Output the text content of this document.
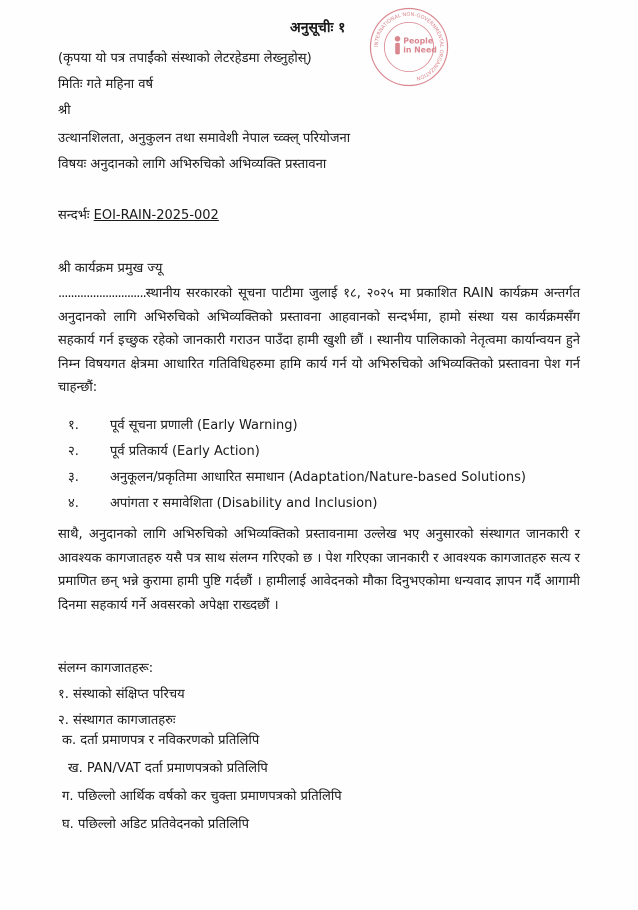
अनुसूचीः १
INTERNATIONAL NON-GOVERNMENTAL ORGANIZATION
People
in Need
(कृपया यो पत्र तपाईंको संस्थाको लेटरहेडमा लेख्नुहोस्)
मितिः गते महिना वर्ष
श्री
उत्थानशिलता, अनुकुलन तथा समावेशी नेपाल च्व्क्ल् परियोजना
विषयः अनुदानको लागि अभिरुचिको अभिव्यक्ति प्रस्तावना
सन्दर्भः EOI-RAIN-2025-002
श्री कार्यक्रम प्रमुख ज्यू
............................स्थानीय सरकारको सूचना पाटीमा जुलाई १८, २०२५ मा प्रकाशित RAIN कार्यक्रम अन्तर्गत अनुदानको लागि अभिरुचिको अभिव्यक्तिको प्रस्तावना आहवानको सन्दर्भमा, हामो संस्था यस कार्यक्रमसँग सहकार्य गर्न इच्छुक रहेको जानकारी गराउन पाउँदा हामी खुशी छौं । स्थानीय पालिकाको नेतृत्वमा कार्यान्वयन हुने निम्न विषयगत क्षेत्रमा आधारित गतिविधिहरुमा हामि कार्य गर्न यो अभिरुचिको अभिव्यक्तिको प्रस्तावना पेश गर्न चाहन्छौं:
१.	पूर्व सूचना प्रणाली (Early Warning)
२.	पूर्व प्रतिकार्य (Early Action)
३.	अनुकूलन/प्रकृतिमा आधारित समाधान (Adaptation/Nature-based Solutions)
४.	अपांगता र समावेशिता (Disability and Inclusion)
साथै, अनुदानको लागि अभिरुचिको अभिव्यक्तिको प्रस्तावनामा उल्लेख भए अनुसारको संस्थागत जानकारी र आवश्यक कागजातहरु यसै पत्र साथ संलग्न गरिएको छ । पेश गरिएका जानकारी र आवश्यक कागजातहरु सत्य र प्रमाणित छन् भन्ने कुरामा हामी पुष्टि गर्दछौं । हामीलाई आवेदनको मौका दिनुभएकोमा धन्यवाद ज्ञापन गर्दै आगामी दिनमा सहकार्य गर्ने अवसरको अपेक्षा राख्दछौं ।
संलग्न कागजातहरू:
१. संस्थाको संक्षिप्त परिचय
२. संस्थागत कागजातहरुः
क. दर्ता प्रमाणपत्र र नविकरणको प्रतिलिपि
ख. PAN/VAT दर्ता प्रमाणपत्रको प्रतिलिपि
ग. पछिल्लो आर्थिक वर्षको कर चुक्ता प्रमाणपत्रको प्रतिलिपि
घ. पछिल्लो अडिट प्रतिवेदनको प्रतिलिपि
